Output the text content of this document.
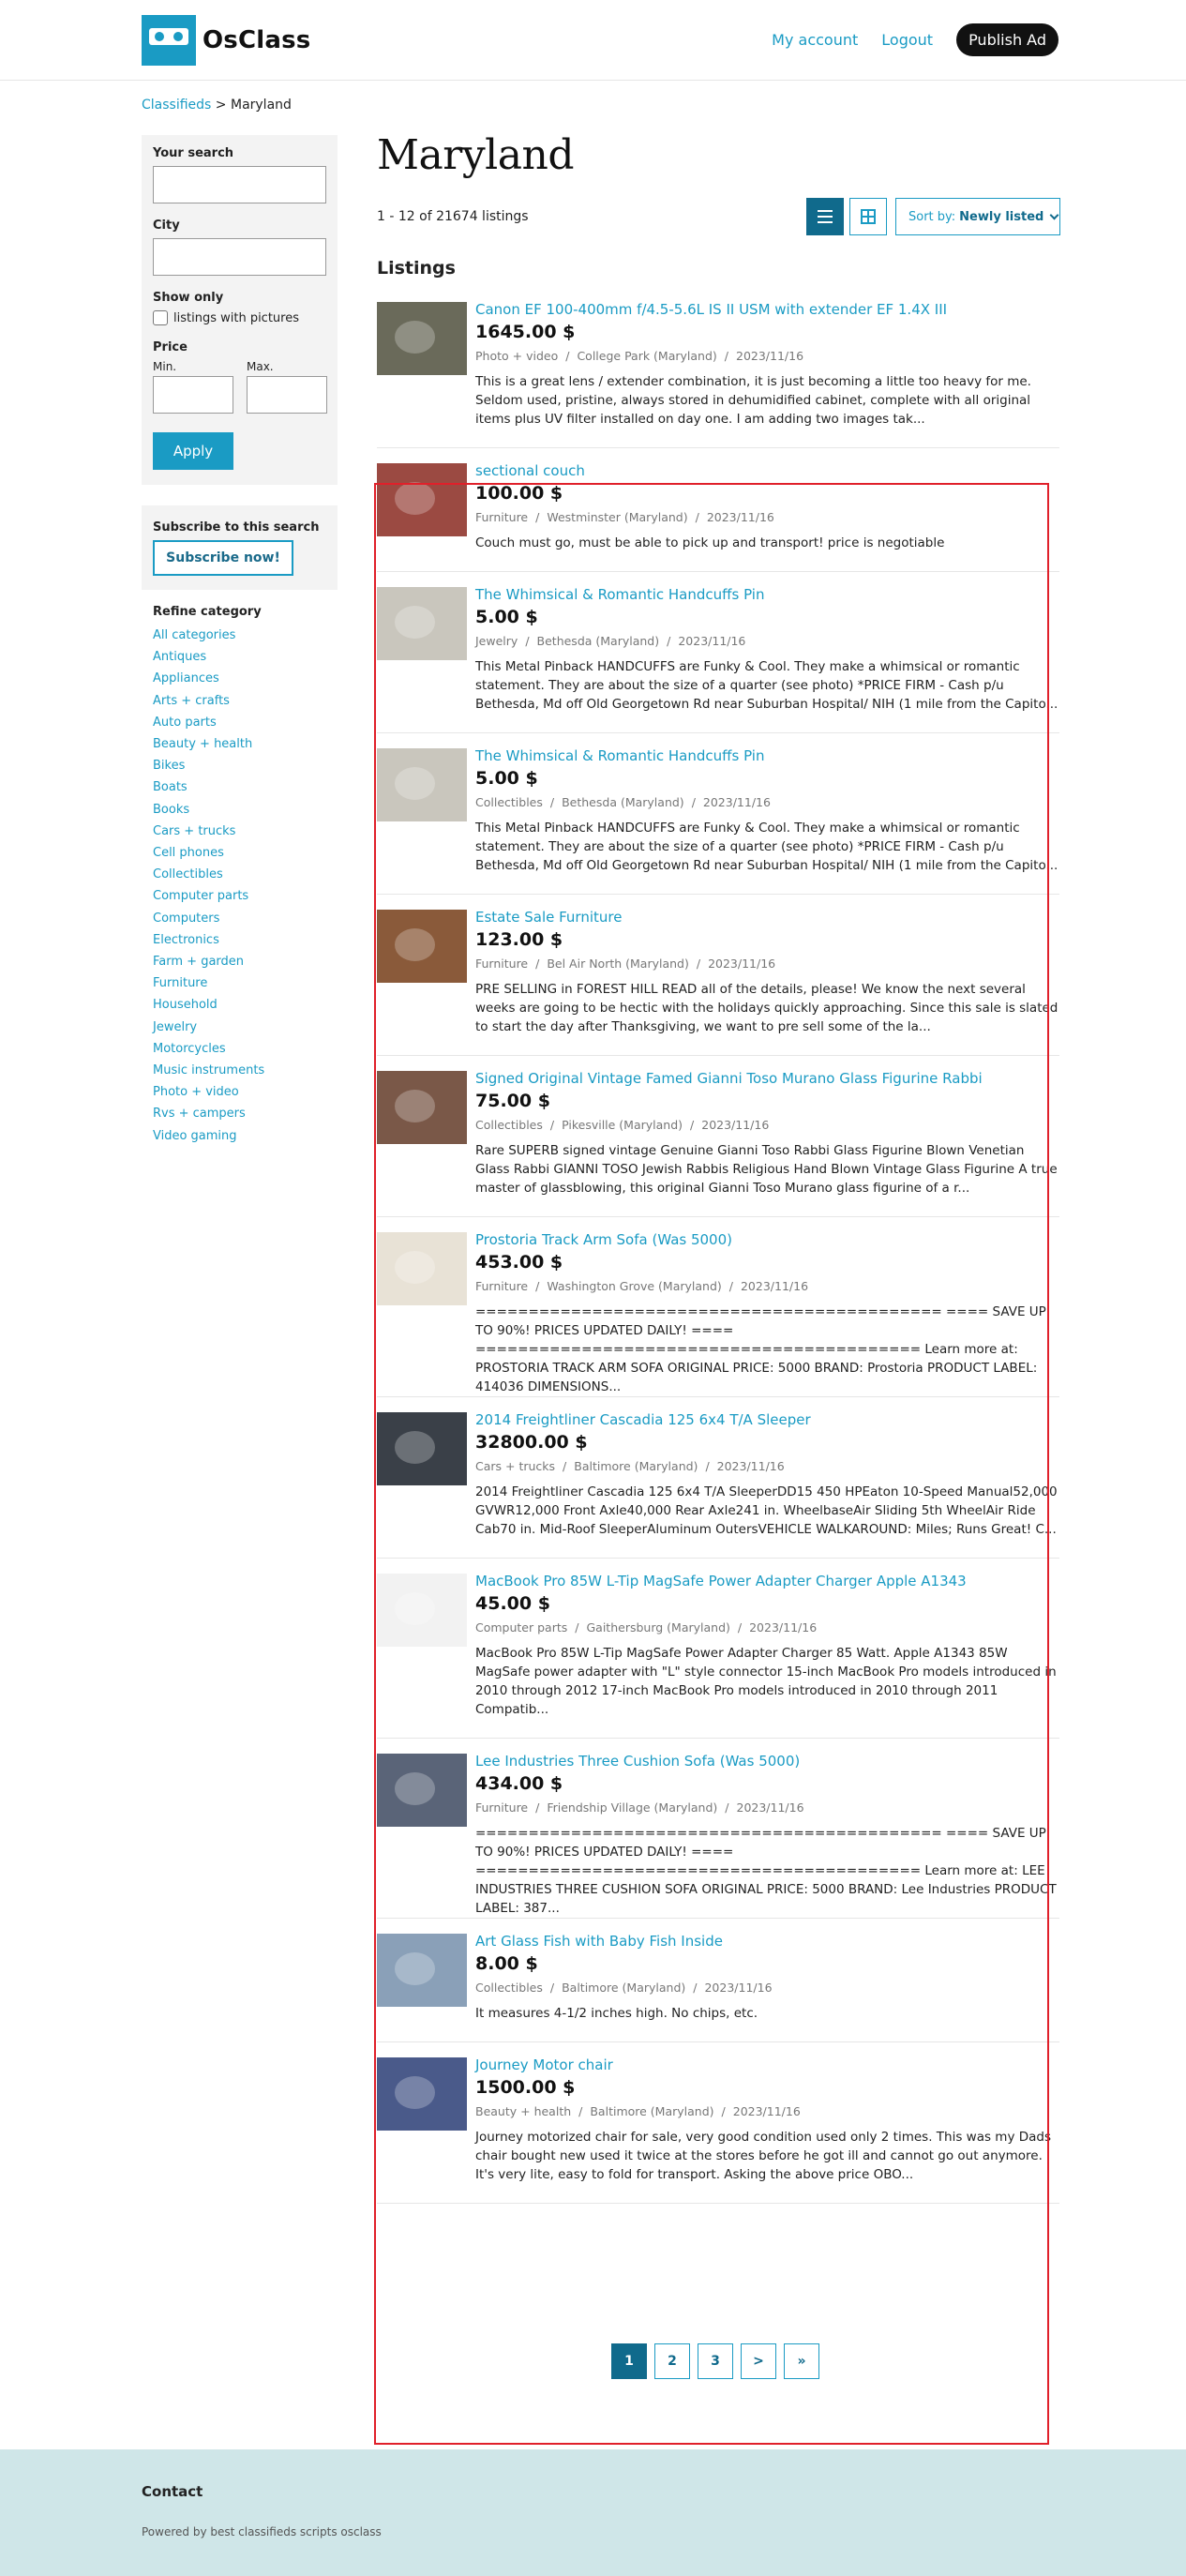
OsClass	My account Logout	Publish Ad
Classifieds > Maryland
Your search
City
Show only
listings with pictures
Price
Min.	Max.
Apply
Subscribe to this search
Subscribe now!
Refine category
All categories
Antiques
Appliances
Arts + crafts
Auto parts
Beauty + health
Bikes
Boats
Books
Cars + trucks
Cell phones
Collectibles
Computer parts
Computers
Electronics
Farm + garden
Furniture
Household
Jewelry
Motorcycles
Music instruments
Photo + video
Rvs + campers
Video gaming
Maryland
1 - 12 of 21674 listings	Sort by: Newly listed
Listings
Canon EF 100-400mm f/4.5-5.6L IS II USM with extender EF 1.4X III
1645.00 $
Photo + video / College Park (Maryland) / 2023/11/16
This is a great lens / extender combination, it is just becoming a little too heavy for me. Seldom used, pristine, always stored in dehumidified cabinet, complete with all original items plus UV filter installed on day one. I am adding two images tak...
sectional couch
100.00 $
Furniture / Westminster (Maryland) / 2023/11/16
Couch must go, must be able to pick up and transport! price is negotiable
The Whimsical & Romantic Handcuffs Pin
5.00 $
Jewelry / Bethesda (Maryland) / 2023/11/16
This Metal Pinback HANDCUFFS are Funky & Cool. They make a whimsical or romantic statement. They are about the size of a quarter (see photo) *PRICE FIRM - Cash p/u Bethesda, Md off Old Georgetown Rd near Suburban Hospital/ NIH (1 mile from the Capito...
The Whimsical & Romantic Handcuffs Pin
5.00 $
Collectibles / Bethesda (Maryland) / 2023/11/16
This Metal Pinback HANDCUFFS are Funky & Cool. They make a whimsical or romantic statement. They are about the size of a quarter (see photo) *PRICE FIRM - Cash p/u Bethesda, Md off Old Georgetown Rd near Suburban Hospital/ NIH (1 mile from the Capito...
Estate Sale Furniture
123.00 $
Furniture / Bel Air North (Maryland) / 2023/11/16
PRE SELLING in FOREST HILL READ all of the details, please! We know the next several weeks are going to be hectic with the holidays quickly approaching. Since this sale is slated to start the day after Thanksgiving, we want to pre sell some of the la...
Signed Original Vintage Famed Gianni Toso Murano Glass Figurine Rabbi
75.00 $
Collectibles / Pikesville (Maryland) / 2023/11/16
Rare SUPERB signed vintage Genuine Gianni Toso Rabbi Glass Figurine Blown Venetian Glass Rabbi GIANNI TOSO Jewish Rabbis Religious Hand Blown Vintage Glass Figurine A true master of glassblowing, this original Gianni Toso Murano glass figurine of a r...
Prostoria Track Arm Sofa (Was 5000)
453.00 $
Furniture / Washington Grove (Maryland) / 2023/11/16
============================================ ==== SAVE UP TO 90%! PRICES UPDATED DAILY! ==== ========================================== Learn more at: PROSTORIA TRACK ARM SOFA ORIGINAL PRICE: 5000 BRAND: Prostoria PRODUCT LABEL: 414036 DIMENSIONS...
2014 Freightliner Cascadia 125 6x4 T/A Sleeper
32800.00 $
Cars + trucks / Baltimore (Maryland) / 2023/11/16
2014 Freightliner Cascadia 125 6x4 T/A SleeperDD15 450 HPEaton 10-Speed Manual52,000 GVWR12,000 Front Axle40,000 Rear Axle241 in. WheelbaseAir Sliding 5th WheelAir Ride Cab70 in. Mid-Roof SleeperAluminum OutersVEHICLE WALKAROUND: Miles; Runs Great! C...
MacBook Pro 85W L-Tip MagSafe Power Adapter Charger Apple A1343
45.00 $
Computer parts / Gaithersburg (Maryland) / 2023/11/16
MacBook Pro 85W L-Tip MagSafe Power Adapter Charger 85 Watt. Apple A1343 85W MagSafe power adapter with "L" style connector 15-inch MacBook Pro models introduced in 2010 through 2012 17-inch MacBook Pro models introduced in 2010 through 2011 Compatib...
Lee Industries Three Cushion Sofa (Was 5000)
434.00 $
Furniture / Friendship Village (Maryland) / 2023/11/16
============================================ ==== SAVE UP TO 90%! PRICES UPDATED DAILY! ==== ========================================== Learn more at: LEE INDUSTRIES THREE CUSHION SOFA ORIGINAL PRICE: 5000 BRAND: Lee Industries PRODUCT LABEL: 387...
Art Glass Fish with Baby Fish Inside
8.00 $
Collectibles / Baltimore (Maryland) / 2023/11/16
It measures 4-1/2 inches high. No chips, etc.
Journey Motor chair
1500.00 $
Beauty + health / Baltimore (Maryland) / 2023/11/16
Journey motorized chair for sale, very good condition used only 2 times. This was my Dads chair bought new used it twice at the stores before he got ill and cannot go out anymore. It's very lite, easy to fold for transport. Asking the above price OBO...
1	2	3	>	»
Contact
Powered by best classifieds scripts osclass
